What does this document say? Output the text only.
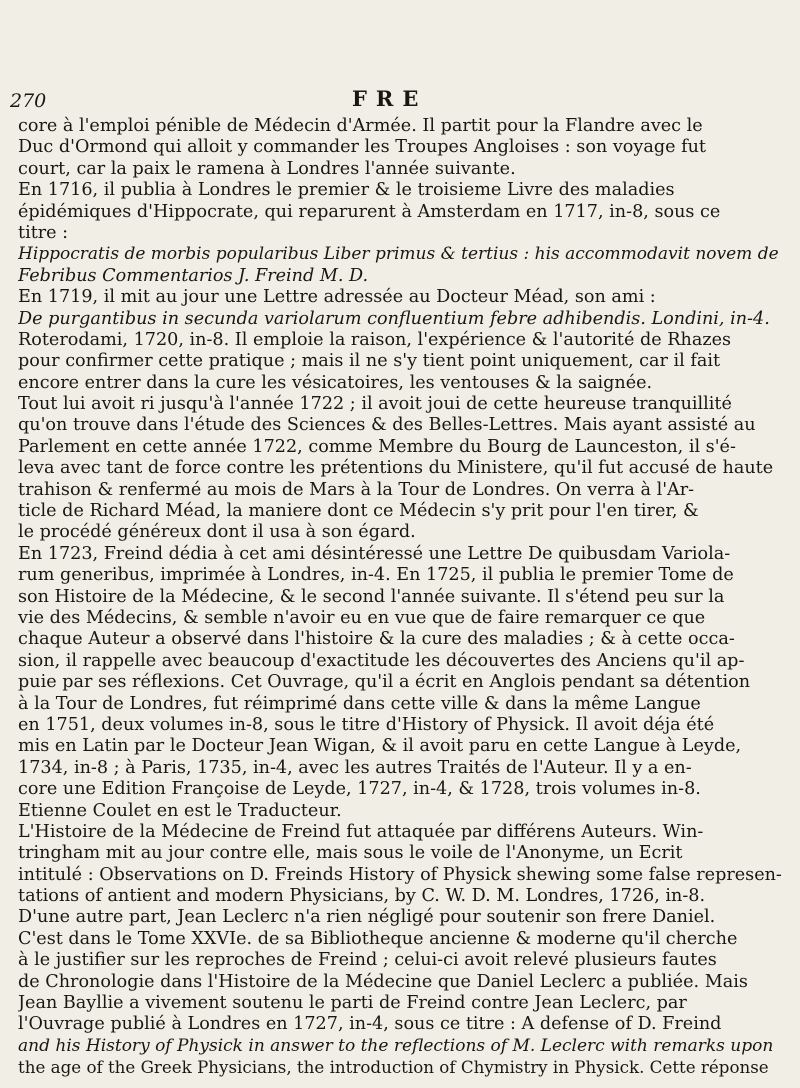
270	FRE
core à l'emploi pénible de Médecin d'Armée. Il partit pour la Flandre avec le
Duc d'Ormond qui alloit y commander les Troupes Angloises : son voyage fut
court, car la paix le ramena à Londres l'année suivante.
En 1716, il publia à Londres le premier & le troisieme Livre des maladies
épidémiques d'Hippocrate, qui reparurent à Amsterdam en 1717, in-8, sous ce
titre :
Hippocratis de morbis popularibus Liber primus & tertius : his accommodavit novem de
Febribus Commentarios J. Freind M. D.
En 1719, il mit au jour une Lettre adressée au Docteur Méad, son ami :
De purgantibus in secunda variolarum confluentium febre adhibendis. Londini, in-4.
Roterodami, 1720, in-8. Il emploie la raison, l'expérience & l'autorité de Rhazes
pour confirmer cette pratique ; mais il ne s'y tient point uniquement, car il fait
encore entrer dans la cure les vésicatoires, les ventouses & la saignée.
Tout lui avoit ri jusqu'à l'année 1722 ; il avoit joui de cette heureuse tranquillité
qu'on trouve dans l'étude des Sciences & des Belles-Lettres. Mais ayant assisté au
Parlement en cette année 1722, comme Membre du Bourg de Launceston, il s'é-
leva avec tant de force contre les prétentions du Ministere, qu'il fut accusé de haute
trahison & renfermé au mois de Mars à la Tour de Londres. On verra à l'Ar-
ticle de Richard Méad, la maniere dont ce Médecin s'y prit pour l'en tirer, &
le procédé généreux dont il usa à son égard.
En 1723, Freind dédia à cet ami désintéressé une Lettre De quibusdam Variola-
rum generibus, imprimée à Londres, in-4. En 1725, il publia le premier Tome de
son Histoire de la Médecine, & le second l'année suivante. Il s'étend peu sur la
vie des Médecins, & semble n'avoir eu en vue que de faire remarquer ce que
chaque Auteur a observé dans l'histoire & la cure des maladies ; & à cette occa-
sion, il rappelle avec beaucoup d'exactitude les découvertes des Anciens qu'il ap-
puie par ses réflexions. Cet Ouvrage, qu'il a écrit en Anglois pendant sa détention
à la Tour de Londres, fut réimprimé dans cette ville & dans la même Langue
en 1751, deux volumes in-8, sous le titre d'History of Physick. Il avoit déja été
mis en Latin par le Docteur Jean Wigan, & il avoit paru en cette Langue à Leyde,
1734, in-8 ; à Paris, 1735, in-4, avec les autres Traités de l'Auteur. Il y a en-
core une Edition Françoise de Leyde, 1727, in-4, & 1728, trois volumes in-8.
Etienne Coulet en est le Traducteur.
L'Histoire de la Médecine de Freind fut attaquée par différens Auteurs. Win-
tringham mit au jour contre elle, mais sous le voile de l'Anonyme, un Ecrit
intitulé : Observations on D. Freinds History of Physick shewing some false represen-
tations of antient and modern Physicians, by C. W. D. M. Londres, 1726, in-8.
D'une autre part, Jean Leclerc n'a rien négligé pour soutenir son frere Daniel.
C'est dans le Tome XXVIe. de sa Bibliotheque ancienne & moderne qu'il cherche
à le justifier sur les reproches de Freind ; celui-ci avoit relevé plusieurs fautes
de Chronologie dans l'Histoire de la Médecine que Daniel Leclerc a publiée. Mais
Jean Bayllie a vivement soutenu le parti de Freind contre Jean Leclerc, par
l'Ouvrage publié à Londres en 1727, in-4, sous ce titre : A defense of D. Freind
and his History of Physick in answer to the reflections of M. Leclerc with remarks upon
the age of the Greek Physicians, the introduction of Chymistry in Physick. Cette réponse
